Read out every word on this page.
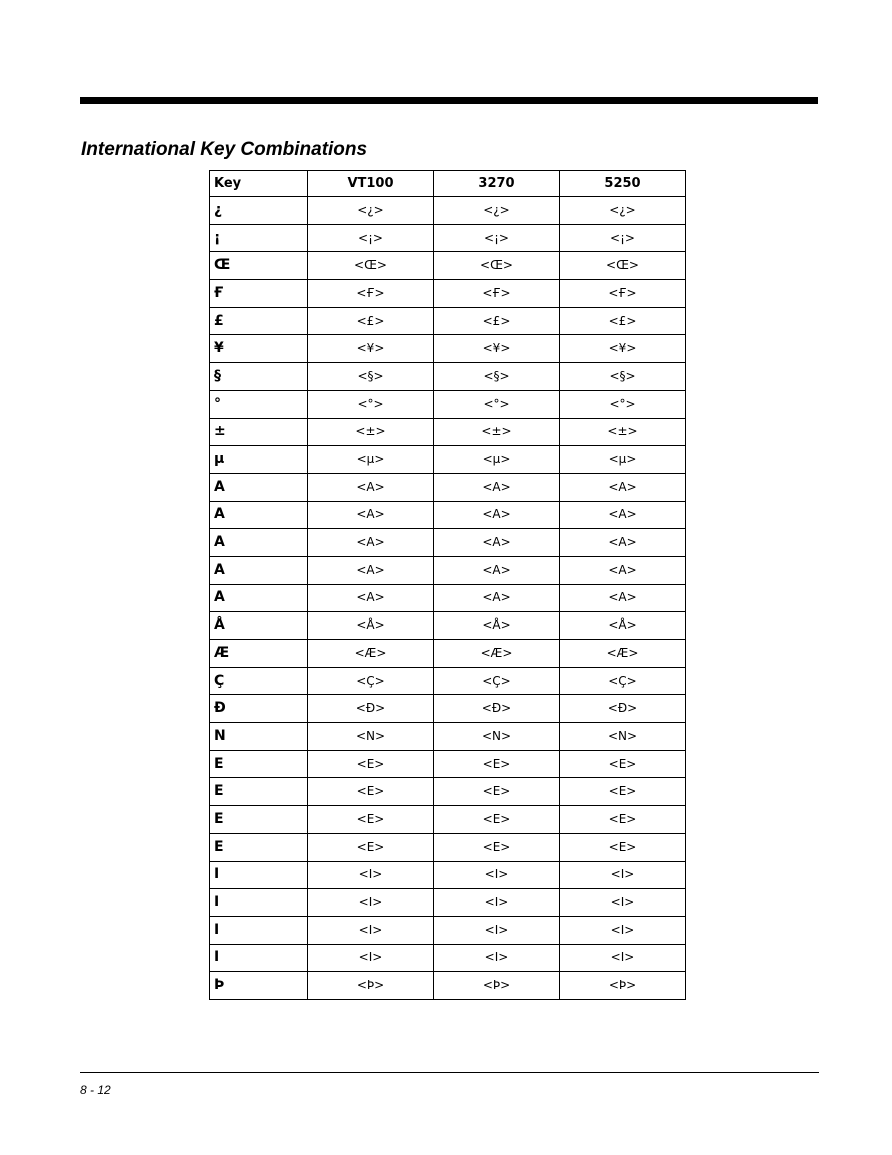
International Key Combinations
Key	VT100	3270	5250
¿	<¿>	<¿>	<¿>
¡	<¡>	<¡>	<¡>
Œ	<Œ>	<Œ>	<Œ>
Ғ	<Ғ>	<Ғ>	<Ғ>
£	<£>	<£>	<£>
¥	<¥>	<¥>	<¥>
§	<§>	<§>	<§>
°	<°>	<°>	<°>
±	<±>	<±>	<±>
µ	<µ>	<µ>	<µ>
A	<A>	<A>	<A>
A	<A>	<A>	<A>
A	<A>	<A>	<A>
A	<A>	<A>	<A>
A	<A>	<A>	<A>
Å	<Å>	<Å>	<Å>
Æ	<Æ>	<Æ>	<Æ>
Ç	<Ç>	<Ç>	<Ç>
Ð	<Ð>	<Ð>	<Ð>
N	<N>	<N>	<N>
E	<E>	<E>	<E>
E	<E>	<E>	<E>
E	<E>	<E>	<E>
E	<E>	<E>	<E>
I	<I>	<I>	<I>
I	<I>	<I>	<I>
I	<I>	<I>	<I>
I	<I>	<I>	<I>
Þ	<Þ>	<Þ>	<Þ>
8 - 12
